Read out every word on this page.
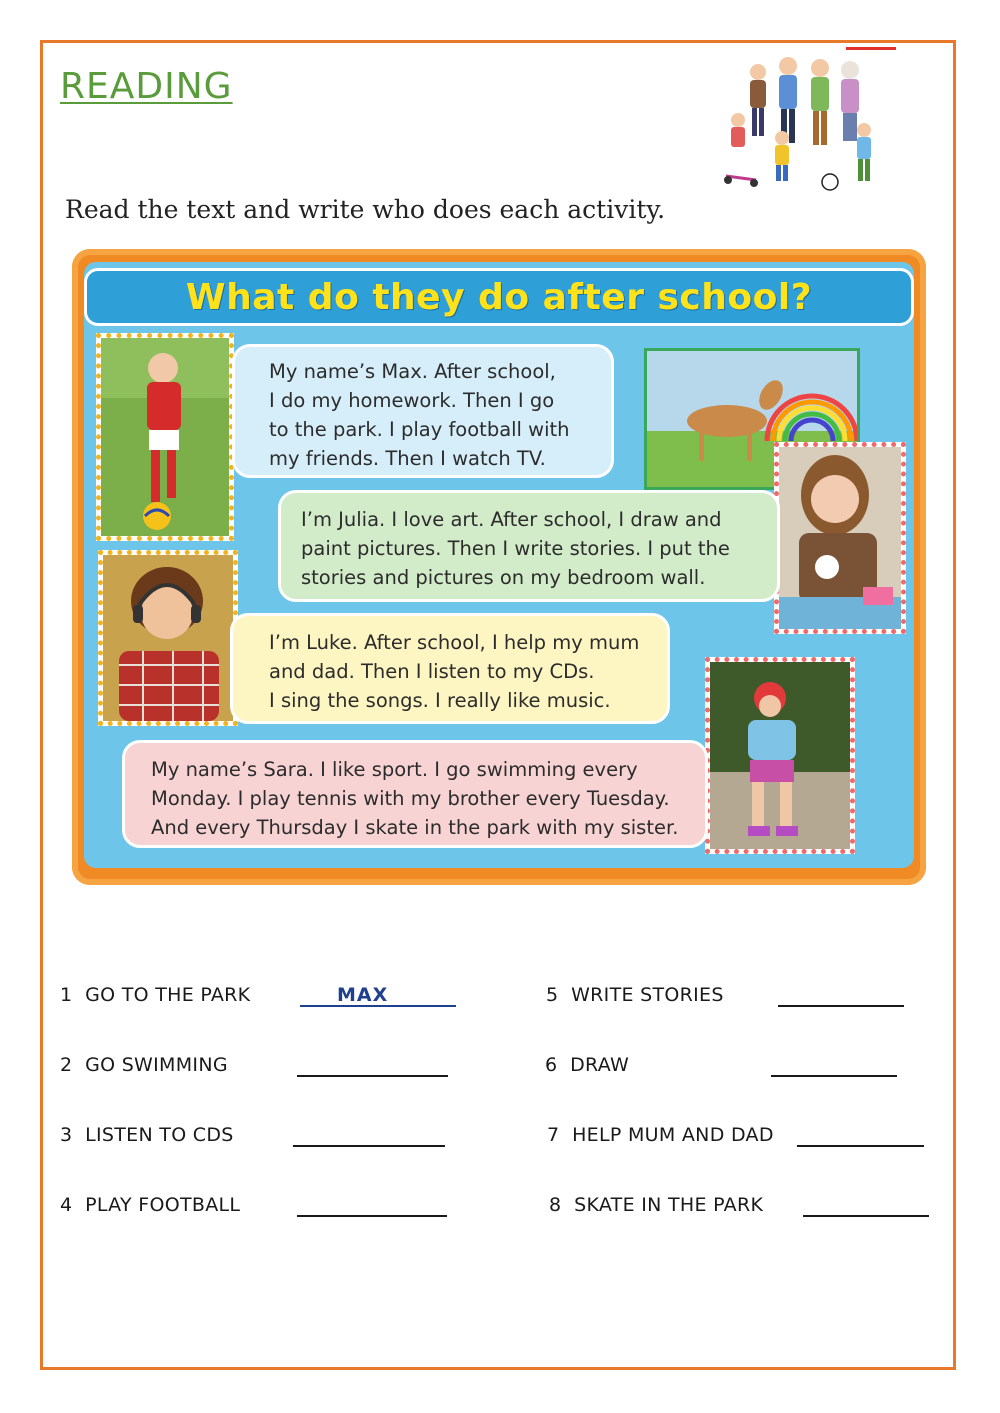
READING
Read the text and write who does each activity.
What do they do after school?

My name’s Max. After school,

I do my homework. Then I go

to the park. I play football with

my friends. Then I watch TV.

I’m Julia. I love art. After school, I draw and

paint pictures. Then I write stories. I put the

stories and pictures on my bedroom wall.

I’m Luke. After school, I help my mum

and dad. Then I listen to my CDs.

I sing the songs. I really like music.

My name’s Sara. I like sport. I go swimming every

Monday. I play tennis with my brother every Tuesday.

And every Thursday I skate in the park with my sister.

1 GO TO THE PARK	MAX
2 GO SWIMMING
3 LISTEN TO CDS
4 PLAY FOOTBALL
5 WRITE STORIES
6 DRAW
7 HELP MUM AND DAD
8 SKATE IN THE PARK
